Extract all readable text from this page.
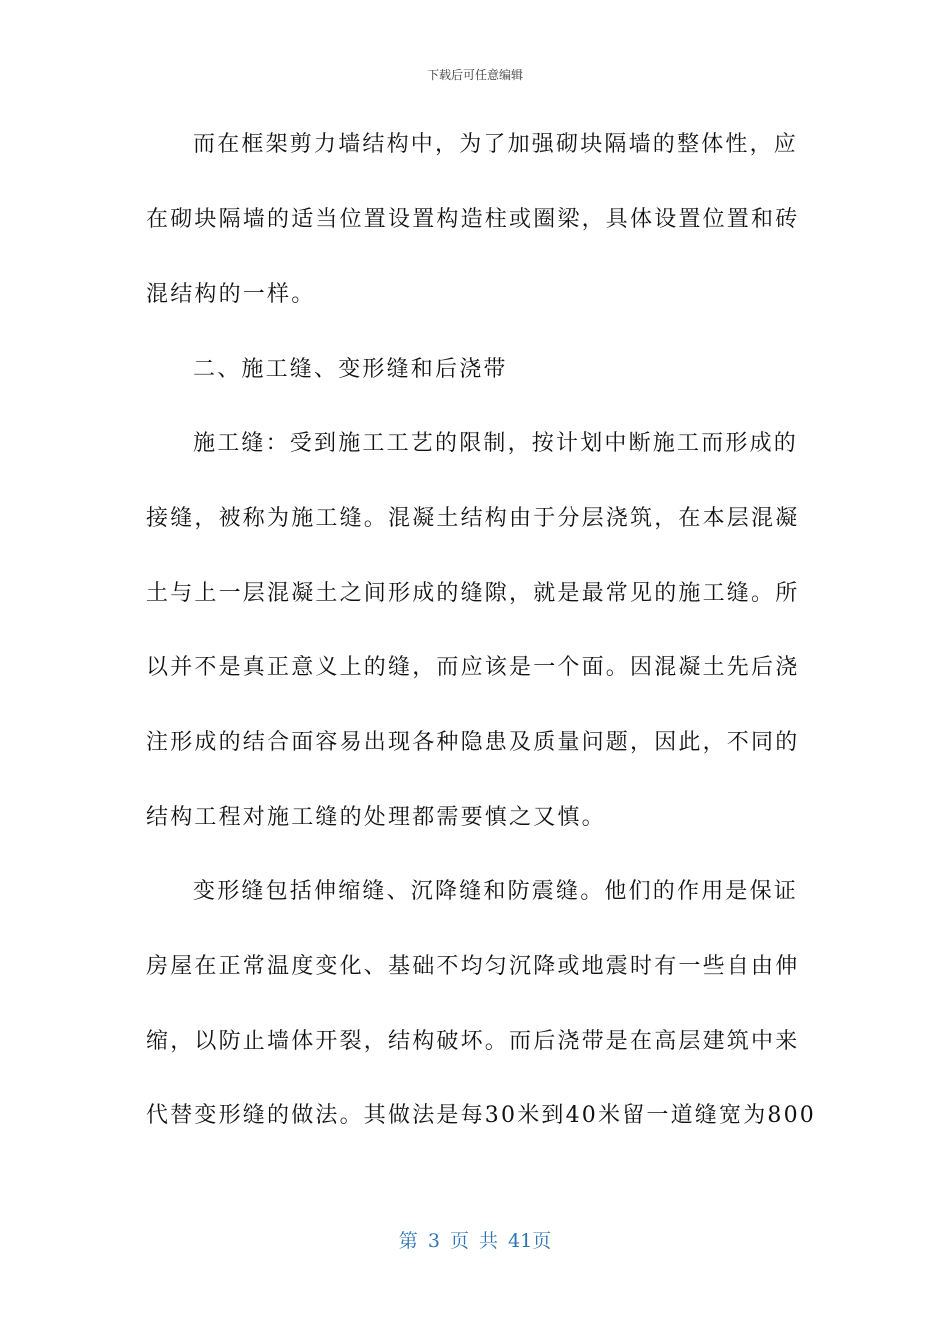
下载后可任意编辑
而在框架剪力墙结构中，为了加强砌块隔墙的整体性，应
在砌块隔墙的适当位置设置构造柱或圈梁，具体设置位置和砖
混结构的一样。
二、施工缝、变形缝和后浇带
施工缝：受到施工工艺的限制，按计划中断施工而形成的
接缝，被称为施工缝。混凝土结构由于分层浇筑，在本层混凝
土与上一层混凝土之间形成的缝隙，就是最常见的施工缝。所
以并不是真正意义上的缝，而应该是一个面。因混凝土先后浇
注形成的结合面容易出现各种隐患及质量问题，因此，不同的
结构工程对施工缝的处理都需要慎之又慎。
变形缝包括伸缩缝、沉降缝和防震缝。他们的作用是保证
房屋在正常温度变化、基础不均匀沉降或地震时有一些自由伸
缩，以防止墙体开裂，结构破坏。而后浇带是在高层建筑中来
代替变形缝的做法。其做法是每30米到40米留一道缝宽为800
第 3 页 共 41页
